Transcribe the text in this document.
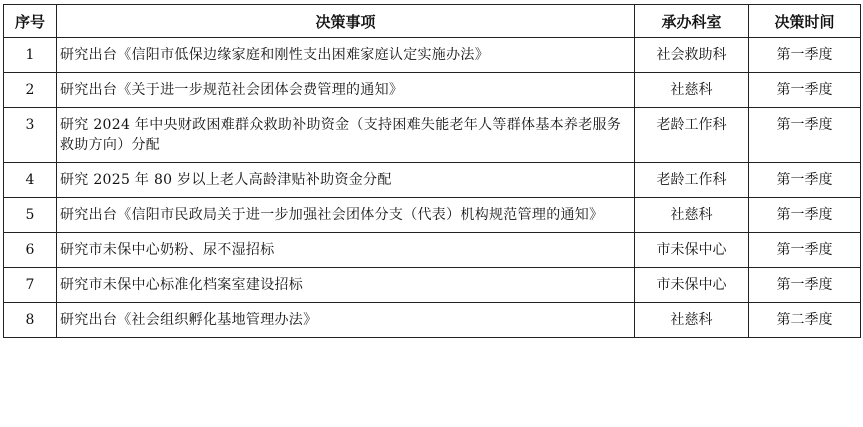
序号	决策事项	承办科室	决策时间
1	研究出台《信阳市低保边缘家庭和刚性支出困难家庭认定实施办法》	社会救助科	第一季度
2	研究出台《关于进一步规范社会团体会费管理的通知》	社慈科	第一季度
3	研究 2024 年中央财政困难群众救助补助资金（支持困难失能老年人等群体基本养老服务救助方向）分配	老龄工作科	第一季度
4	研究 2025 年 80 岁以上老人高龄津贴补助资金分配	老龄工作科	第一季度
5	研究出台《信阳市民政局关于进一步加强社会团体分支（代表）机构规范管理的通知》	社慈科	第一季度
6	研究市未保中心奶粉、尿不湿招标	市未保中心	第一季度
7	研究市未保中心标准化档案室建设招标	市未保中心	第一季度
8	研究出台《社会组织孵化基地管理办法》	社慈科	第二季度
